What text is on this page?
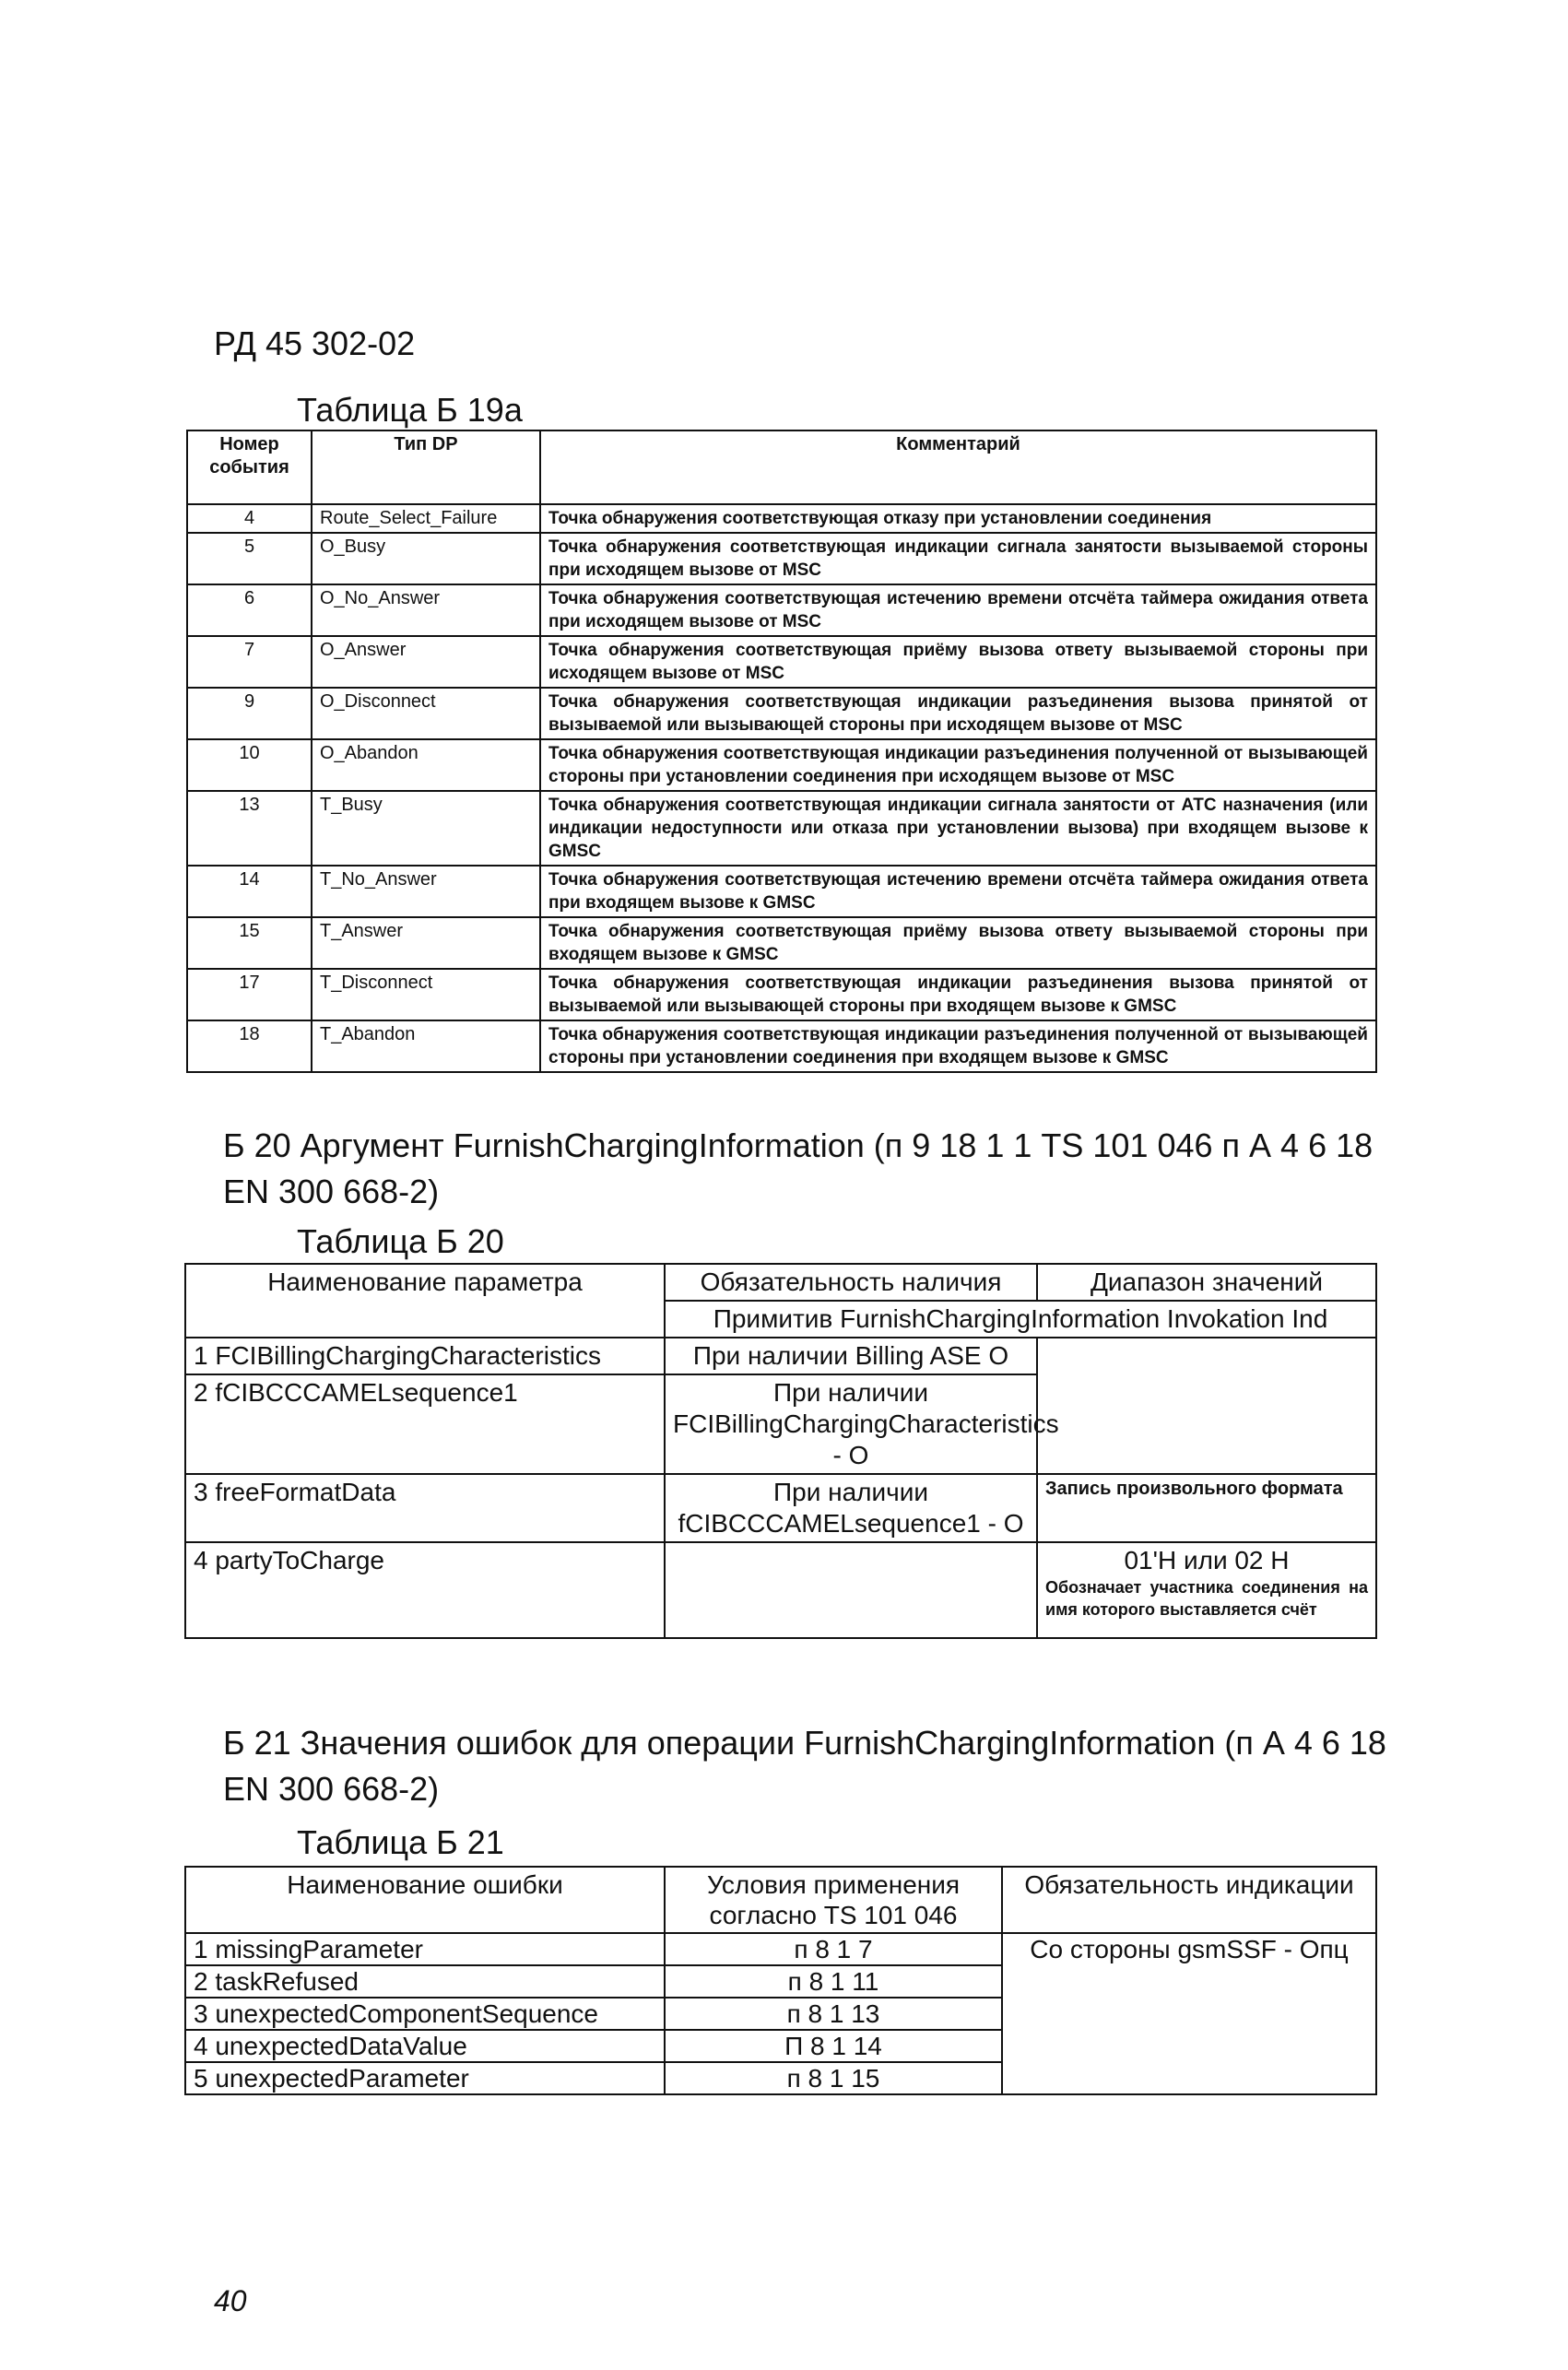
РД 45 302-02
Таблица Б 19а
Номер события	Тип DP	Комментарий
4	Route_Select_Failure	Точка обнаружения соответствующая отказу при установлении соединения
5	O_Busy	Точка обнаружения соответствующая индикации сигнала занятости вызываемой стороны при исходящем вызове от MSC
6	O_No_Answer	Точка обнаружения соответствующая истечению времени отсчёта таймера ожидания ответа при исходящем вызове от MSC
7	O_Answer	Точка обнаружения соответствующая приёму вызова ответу вызываемой стороны при исходящем вызове от MSC
9	O_Disconnect	Точка обнаружения соответствующая индикации разъединения вызова принятой от вызываемой или вызывающей стороны при исходящем вызове от MSC
10	O_Abandon	Точка обнаружения соответствующая индикации разъединения полученной от вызывающей стороны при установлении соединения при исходящем вызове от MSC
13	T_Busy	Точка обнаружения соответствующая индикации сигнала занятости от АТС назначения (или индикации недоступности или отказа при установлении вызова) при входящем вызове к GMSC
14	T_No_Answer	Точка обнаружения соответствующая истечению времени отсчёта таймера ожидания ответа при входящем вызове к GMSC
15	T_Answer	Точка обнаружения соответствующая приёму вызова ответу вызываемой стороны при входящем вызове к GMSC
17	T_Disconnect	Точка обнаружения соответствующая индикации разъединения вызова принятой от вызываемой или вызывающей стороны при входящем вызове к GMSC
18	T_Abandon	Точка обнаружения соответствующая индикации разъединения полученной от вызывающей стороны при установлении соединения при входящем вызове к GMSC
Б 20 Аргумент FurnishChargingInformation (п 9 18 1 1 TS 101 046 п А 4 6 18 EN 300 668-2)
Таблица Б 20
Наименование параметра	Обязательность наличия	Диапазон значений
	Примитив FurnishChargingInformation Invokation Ind	
1 FCIBillingChargingCharacteristics	При наличии Billing ASE O	
2 fCIBCCCAMELsequence1	При наличии FCIBillingChargingCharacteristics - O	
3 freeFormatData	При наличии fCIBCCCAMELsequence1 - O	Запись произвольного формата
4 partyToCharge		01'H или 02 H
Обозначает участника соединения на имя которого выставляется счёт
Б 21 Значения ошибок для операции FurnishChargingInformation (п А 4 6 18 EN 300 668-2)
Таблица Б 21
Наименование ошибки	Условия применения согласно TS 101 046	Обязательность индикации
1 missingParameter	п 8 1 7	Со стороны gsmSSF - Опц
2 taskRefused	п 8 1 11	
3 unexpectedComponentSequence	п 8 1 13	
4 unexpectedDataValue	П 8 1 14	
5 unexpectedParameter	п 8 1 15	
40
